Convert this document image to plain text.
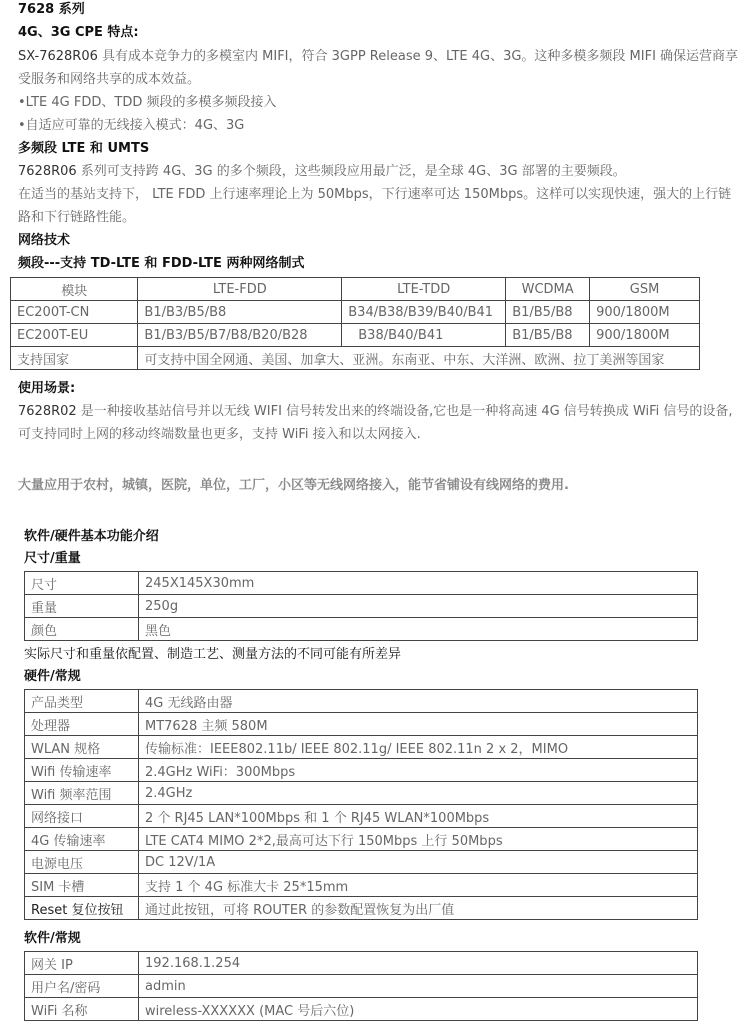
7628 系列
4G、3G CPE 特点:
SX-7628R06 具有成本竞争力的多模室内 MIFI，符合 3GPP Release 9、LTE 4G、3G。这种多模多频段 MIFI 确保运营商享
受服务和网络共享的成本效益。
•LTE 4G FDD、TDD 频段的多模多频段接入
•自适应可靠的无线接入模式：4G、3G
多频段 LTE 和 UMTS
7628R06 系列可支持跨 4G、3G 的多个频段，这些频段应用最广泛，是全球 4G、3G 部署的主要频段。
在适当的基站支持下， LTE FDD 上行速率理论上为 50Mbps，下行速率可达 150Mbps。这样可以实现快速，强大的上行链
路和下行链路性能。
网络技术
频段---支持 TD-LTE 和 FDD-LTE 两种网络制式
模块	LTE-FDD	LTE-TDD	WCDMA	GSM
EC200T-CN	B1/B3/B5/B8	B34/B38/B39/B40/B41	B1/B5/B8	900/1800M
EC200T-EU	B1/B3/B5/B7/B8/B20/B28	B38/B40/B41	B1/B5/B8	900/1800M
支持国家	可支持中国全网通、美国、加拿大、亚洲。东南亚、中东、大洋洲、欧洲、拉丁美洲等国家			
使用场景:
7628R02 是一种接收基站信号并以无线 WIFI 信号转发出来的终端设备,它也是一种将高速 4G 信号转换成 WiFi 信号的设备,
可支持同时上网的移动终端数量也更多，支持 WiFi 接入和以太网接入.
大量应用于农村，城镇，医院，单位，工厂，小区等无线网络接入，能节省铺设有线网络的费用.
软件/硬件基本功能介绍
尺寸/重量
尺寸	245X145X30mm
重量	250g
颜色	黑色
实际尺寸和重量依配置、制造工艺、测量方法的不同可能有所差异
硬件/常规
产品类型	4G 无线路由器
处理器	MT7628 主频 580M
WLAN 规格	传输标准：IEEE802.11b/ IEEE 802.11g/ IEEE 802.11n 2 x 2，MIMO
Wifi 传输速率	2.4GHz WiFi：300Mbps
Wifi 频率范围	2.4GHz
网络接口	2 个 RJ45 LAN*100Mbps 和 1 个 RJ45 WLAN*100Mbps
4G 传输速率	LTE CAT4 MIMO 2*2,最高可达下行 150Mbps 上行 50Mbps
电源电压	DC 12V/1A
SIM 卡槽	支持 1 个 4G 标准大卡 25*15mm
Reset 复位按钮	通过此按钮，可将 ROUTER 的参数配置恢复为出厂值
软件/常规
网关 IP	192.168.1.254
用户名/密码	admin
WiFi 名称	wireless-XXXXXX (MAC 号后六位)
